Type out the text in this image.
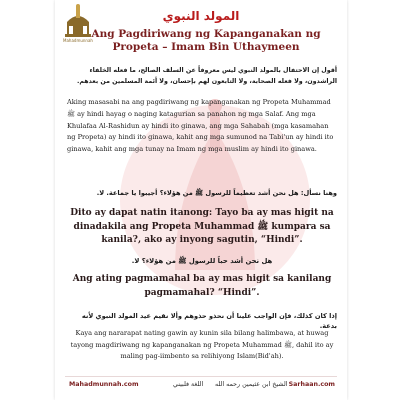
Mahadmunnah
المولد النبوي
Ang Pagdiriwang ng Kapanganakan ng Propeta – Imam Bin Uthaymeen
أقول إن الاحتفال بالمولد النبوي ليس معروفاً عن السلف الصالح، ما فعله الخلفاء الراشدون، ولا فعله الصحابة، ولا التابعون لهم بإحسان، ولا أئمة المسلمين من بعدهم.
Aking masasabi na ang pagdiriwang ng kapanganakan ng Propeta Muhammad ﷺ ay hindi hayag o naging katagurian sa panahon ng mga Salaf. Ang mga Khulafaa Al-Rashidun ay hindi ito ginawa, ang mga Sahabah (mga kasamahan ng Propeta) ay hindi ito ginawa, kahit ang mga sumunod na Tabi'un ay hindi ito ginawa, kahit ang mga tunay na Imam ng mga muslim ay hindi ito ginawa.
وهنا نسأل: هل نحن أشد تعظيماً للرسول ﷺ من هؤلاء؟ أجيبوا يا جماعة. لا.
Dito ay dapat natin itanong: Tayo ba ay mas higit na dinadakila ang Propeta Muhammad ﷺ kumpara sa kanila?, ako ay inyong sagutin, “Hindi”.
هل نحن أشد حباً للرسول ﷺ من هؤلاء؟ لا.
Ang ating pagmamahal ba ay mas higit sa kanilang pagmamahal? “Hindi”.
إذا كان كذلك، فإن الواجب علينا أن نحذو حذوهم وألا نقيم عيد المولد النبوي لأنه بدعة.
Kaya ang nararapat nating gawin ay kunin sila bilang halimbawa, at huwag tayong magdiriwang ng kapanganakan ng Propeta Muhammad ﷺ, dahil ito ay maling pag-iimbento sa relihiyong Islam(Bid'ah).
Mahadmunnah.com	اللغة فلبيني الشيخ ابن عثيمين رحمه الله Sarhaan.com
